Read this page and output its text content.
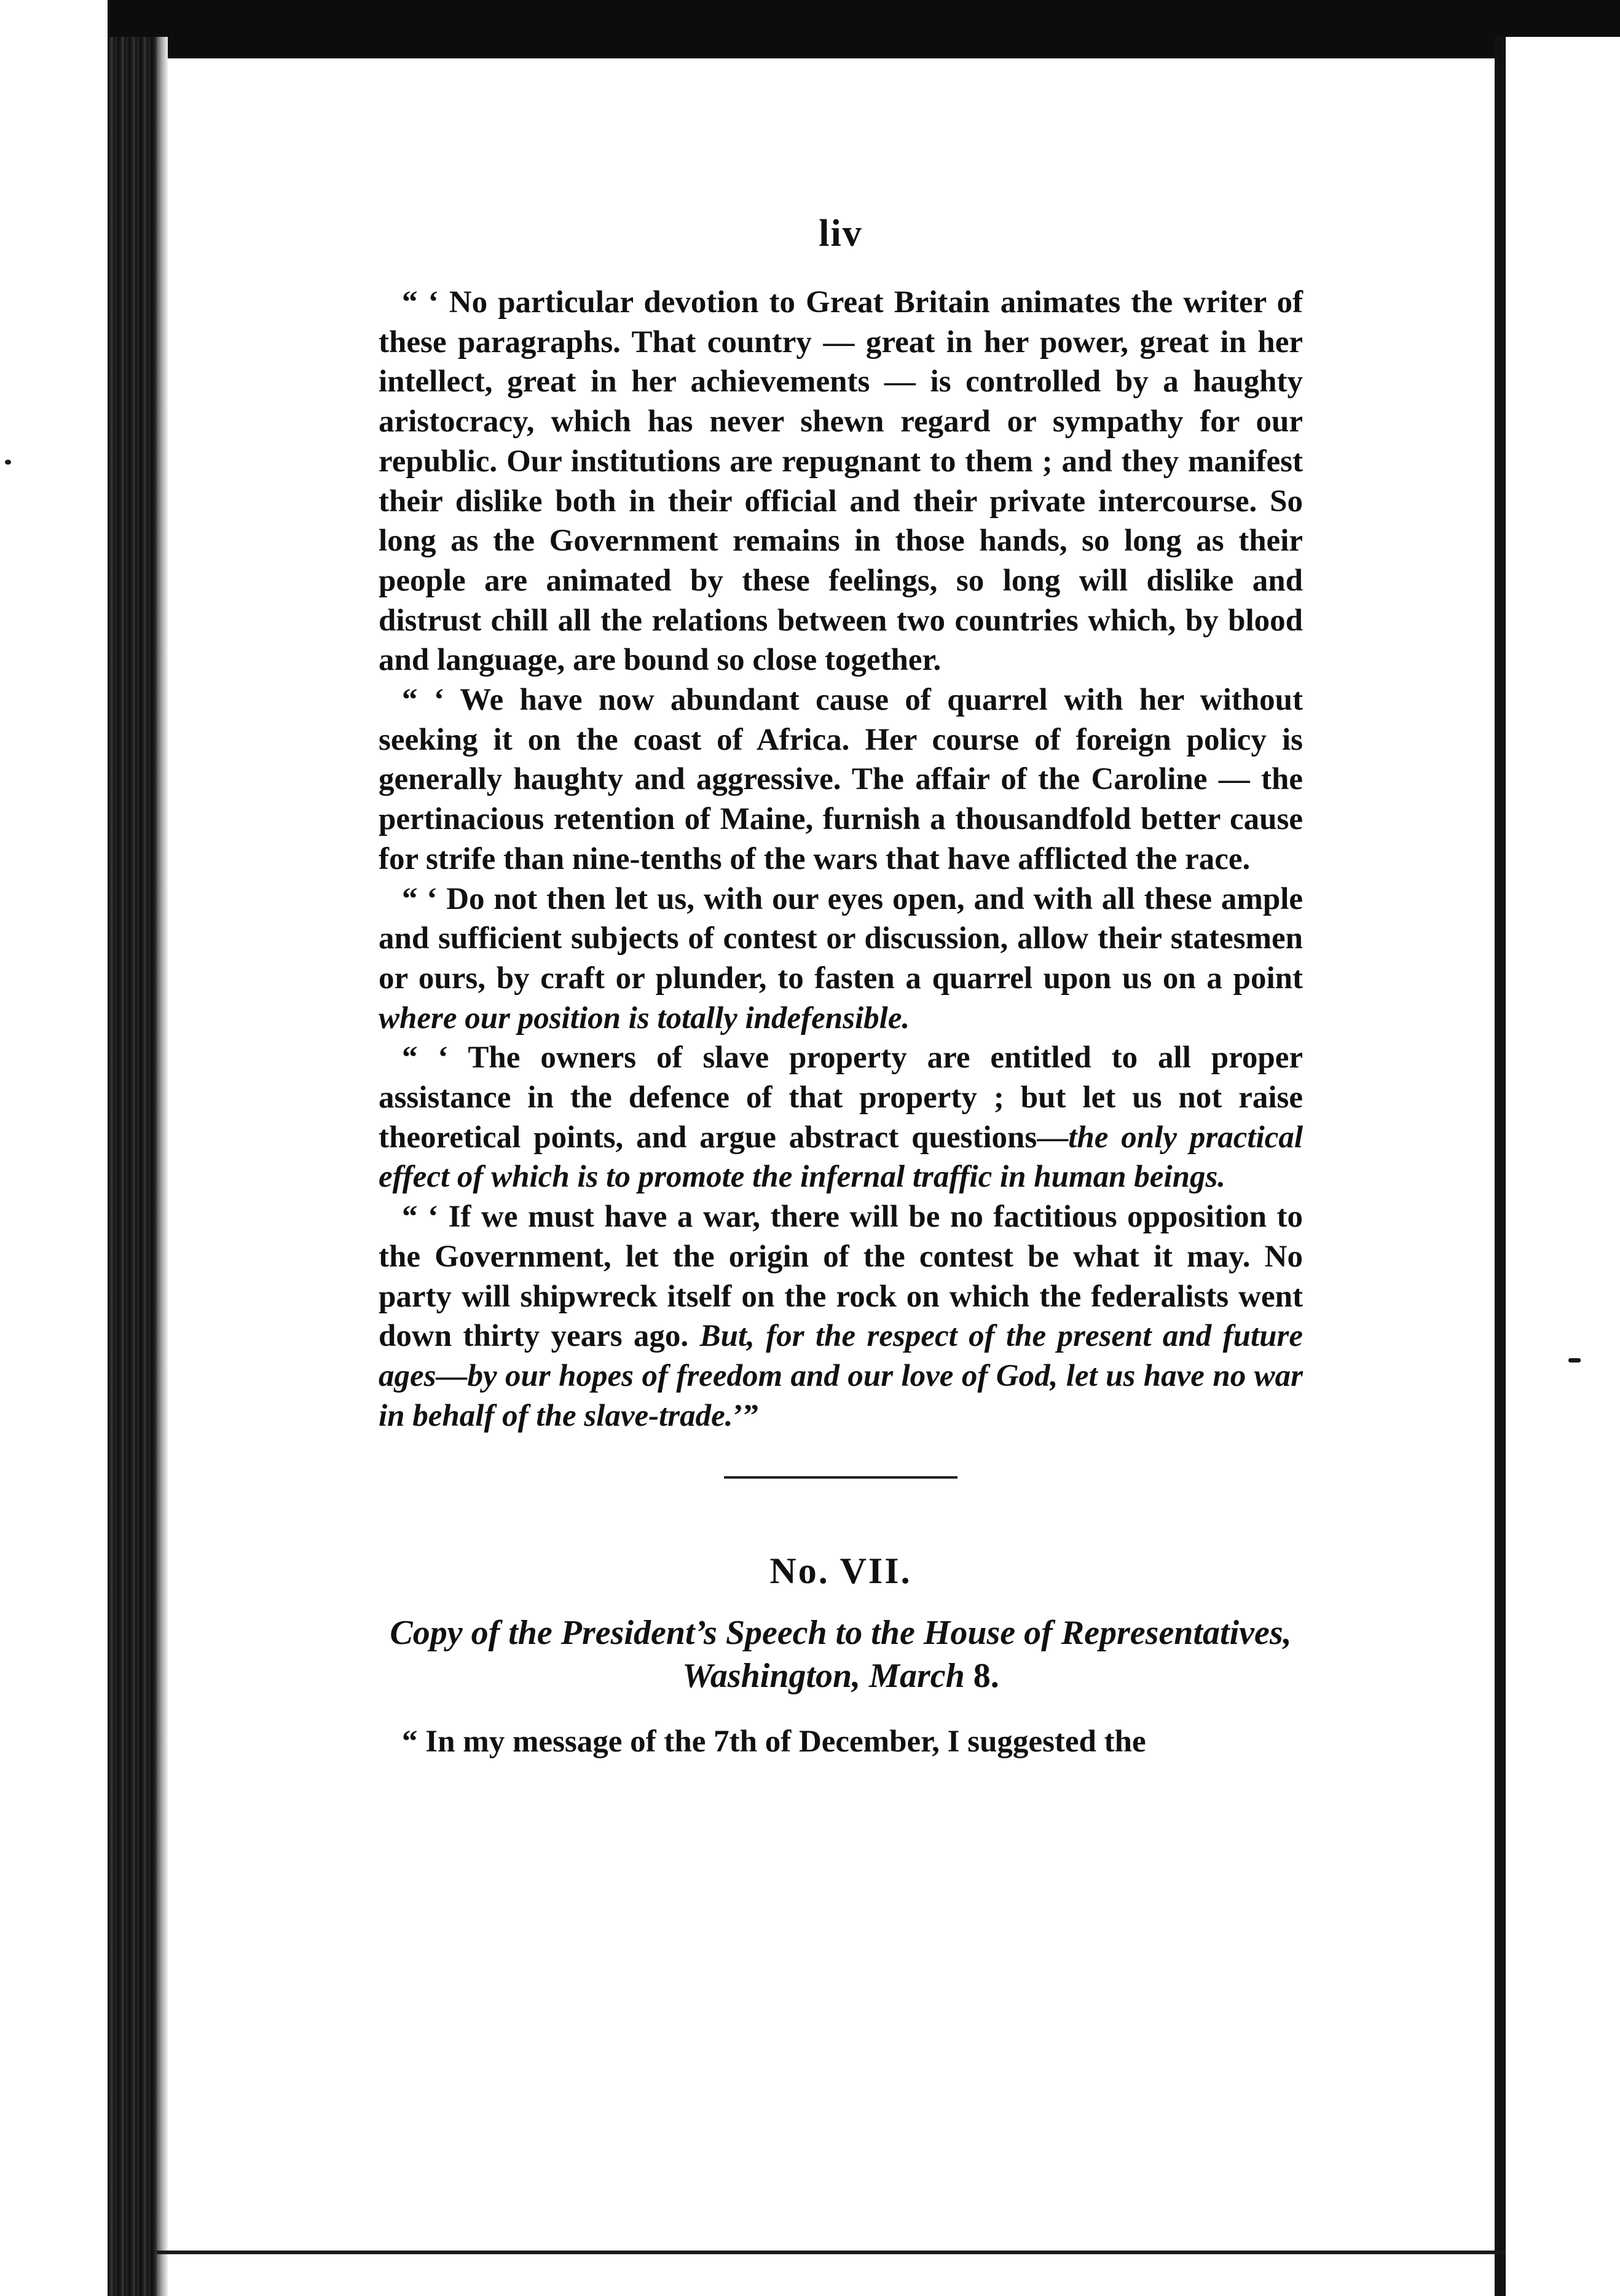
liv

“ ‘ No particular devotion to Great Britain animates the writer of these paragraphs. That country — great in her power, great in her intellect, great in her achievements — is controlled by a haughty aristocracy, which has never shewn regard or sympathy for our republic. Our institutions are repugnant to them ; and they manifest their dislike both in their official and their private intercourse. So long as the Government remains in those hands, so long as their people are animated by these feelings, so long will dislike and distrust chill all the relations between two countries which, by blood and language, are bound so close together.

“ ‘ We have now abundant cause of quarrel with her without seeking it on the coast of Africa. Her course of foreign policy is generally haughty and aggressive. The affair of the Caroline — the pertinacious retention of Maine, furnish a thousandfold better cause for strife than nine-tenths of the wars that have afflicted the race.

“ ‘ Do not then let us, with our eyes open, and with all these ample and sufficient subjects of contest or discussion, allow their statesmen or ours, by craft or plunder, to fasten a quarrel upon us on a point where our position is totally indefensible.

“ ‘ The owners of slave property are entitled to all proper assistance in the defence of that property ; but let us not raise theoretical points, and argue abstract questions—the only practical effect of which is to promote the infernal traffic in human beings.

“ ‘ If we must have a war, there will be no factitious opposition to the Government, let the origin of the contest be what it may. No party will shipwreck itself on the rock on which the federalists went down thirty years ago. But, for the respect of the present and future ages—by our hopes of freedom and our love of God, let us have no war in behalf of the slave-trade.’”

No. VII.
Copy of the President’s Speech to the House of Representatives, Washington, March 8.

“ In my message of the 7th of December, I suggested the
